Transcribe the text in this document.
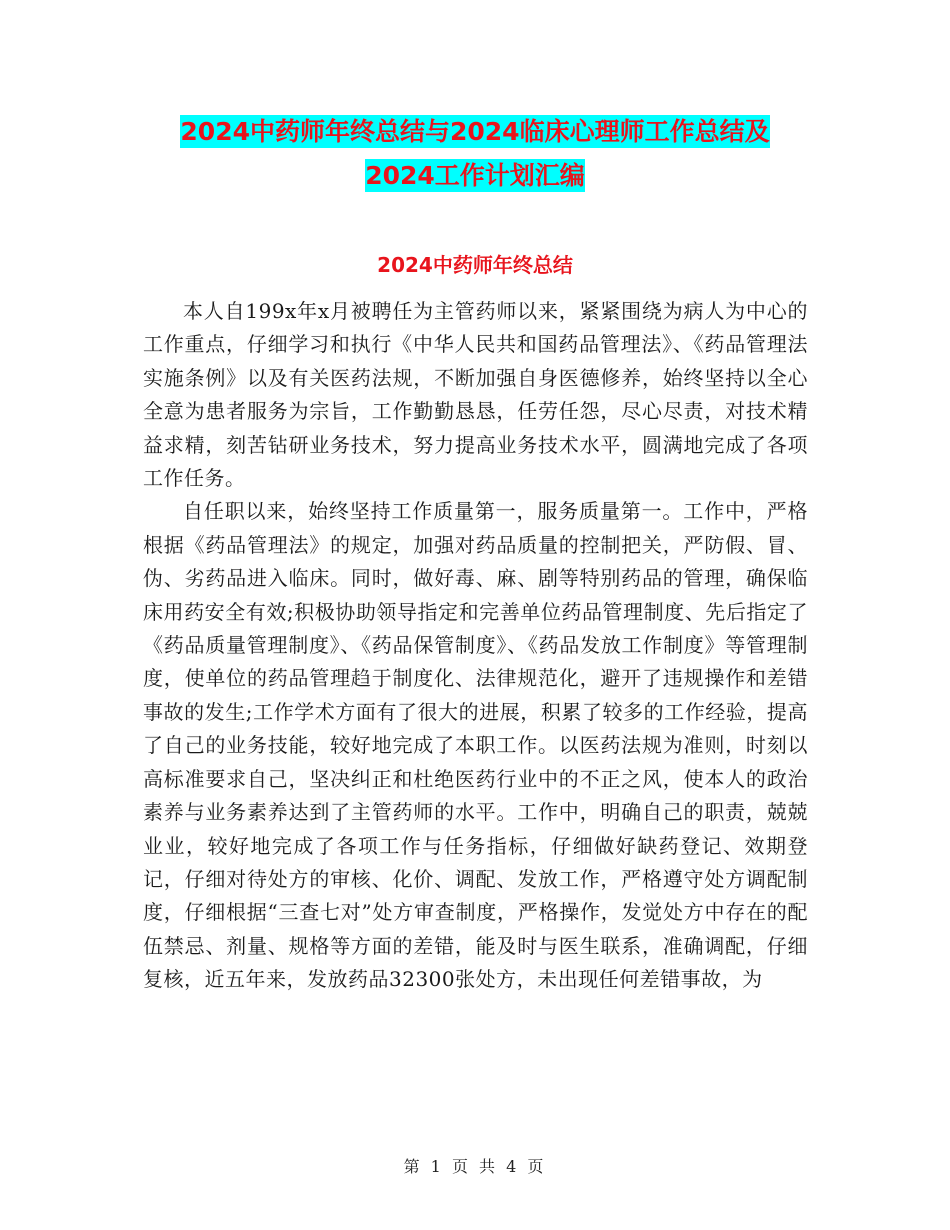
2024中药师年终总结与2024临床心理师工作总结及
2024工作计划汇编
2024中药师年终总结

本人自199x年x月被聘任为主管药师以来，紧紧围绕为病人为中心的工作重点，仔细学习和执行《中华人民共和国药品管理法》、《药品管理法实施条例》以及有关医药法规，不断加强自身医德修养，始终坚持以全心全意为患者服务为宗旨，工作勤勤恳恳，任劳任怨，尽心尽责，对技术精益求精，刻苦钻研业务技术，努力提高业务技术水平，圆满地完成了各项工作任务。

自任职以来，始终坚持工作质量第一，服务质量第一。工作中，严格根据《药品管理法》的规定，加强对药品质量的控制把关，严防假、冒、伪、劣药品进入临床。同时，做好毒、麻、剧等特别药品的管理，确保临床用药安全有效;积极协助领导指定和完善单位药品管理制度、先后指定了《药品质量管理制度》、《药品保管制度》、《药品发放工作制度》等管理制度，使单位的药品管理趋于制度化、法律规范化，避开了违规操作和差错事故的发生;工作学术方面有了很大的进展，积累了较多的工作经验，提高了自己的业务技能，较好地完成了本职工作。以医药法规为准则，时刻以高标准要求自己，坚决纠正和杜绝医药行业中的不正之风，使本人的政治素养与业务素养达到了主管药师的水平。工作中，明确自己的职责，兢兢业业，较好地完成了各项工作与任务指标，仔细做好缺药登记、效期登记，仔细对待处方的审核、化价、调配、发放工作，严格遵守处方调配制度，仔细根据“三查七对”处方审查制度，严格操作，发觉处方中存在的配伍禁忌、剂量、规格等方面的差错，能及时与医生联系，准确调配，仔细复核，近五年来，发放药品32300张处方，未出现任何差错事故，为

第 1 页 共 4 页
